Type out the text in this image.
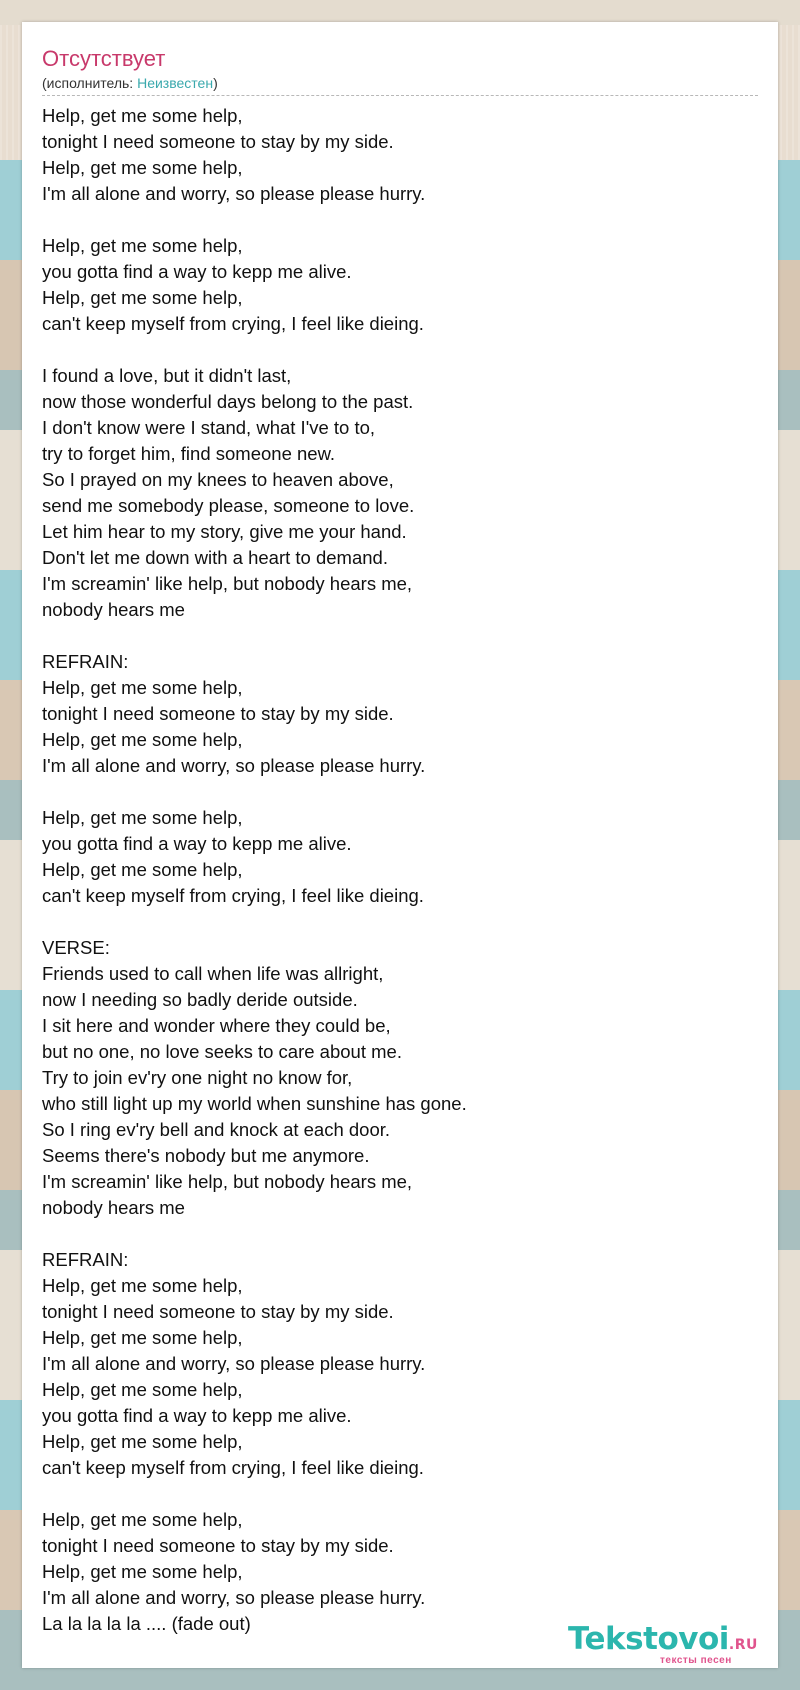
Отсутствует
(исполнитель: Неизвестен)
Help, get me some help,
tonight I need someone to stay by my side.
Help, get me some help,
I'm all alone and worry, so please please hurry.

Help, get me some help,
you gotta find a way to kepp me alive.
Help, get me some help,
can't keep myself from crying, I feel like dieing.

I found a love, but it didn't last,
now those wonderful days belong to the past.
I don't know were I stand, what I've to to,
try to forget him, find someone new.
So I prayed on my knees to heaven above,
send me somebody please, someone to love.
Let him hear to my story, give me your hand.
Don't let me down with a heart to demand.
I'm screamin' like help, but nobody hears me,
nobody hears me

REFRAIN:
Help, get me some help,
tonight I need someone to stay by my side.
Help, get me some help,
I'm all alone and worry, so please please hurry.

Help, get me some help,
you gotta find a way to kepp me alive.
Help, get me some help,
can't keep myself from crying, I feel like dieing.

VERSE:
Friends used to call when life was allright,
now I needing so badly deride outside.
I sit here and wonder where they could be,
but no one, no love seeks to care about me.
Try to join ev'ry one night no know for,
who still light up my world when sunshine has gone.
So I ring ev'ry bell and knock at each door.
Seems there's nobody but me anymore.
I'm screamin' like help, but nobody hears me,
nobody hears me

REFRAIN:
Help, get me some help,
tonight I need someone to stay by my side.
Help, get me some help,
I'm all alone and worry, so please please hurry.
Help, get me some help,
you gotta find a way to kepp me alive.
Help, get me some help,
can't keep myself from crying, I feel like dieing.

Help, get me some help,
tonight I need someone to stay by my side.
Help, get me some help,
I'm all alone and worry, so please please hurry.
La la la la la .... (fade out)	Tekstovoi.RU
тексты песен
